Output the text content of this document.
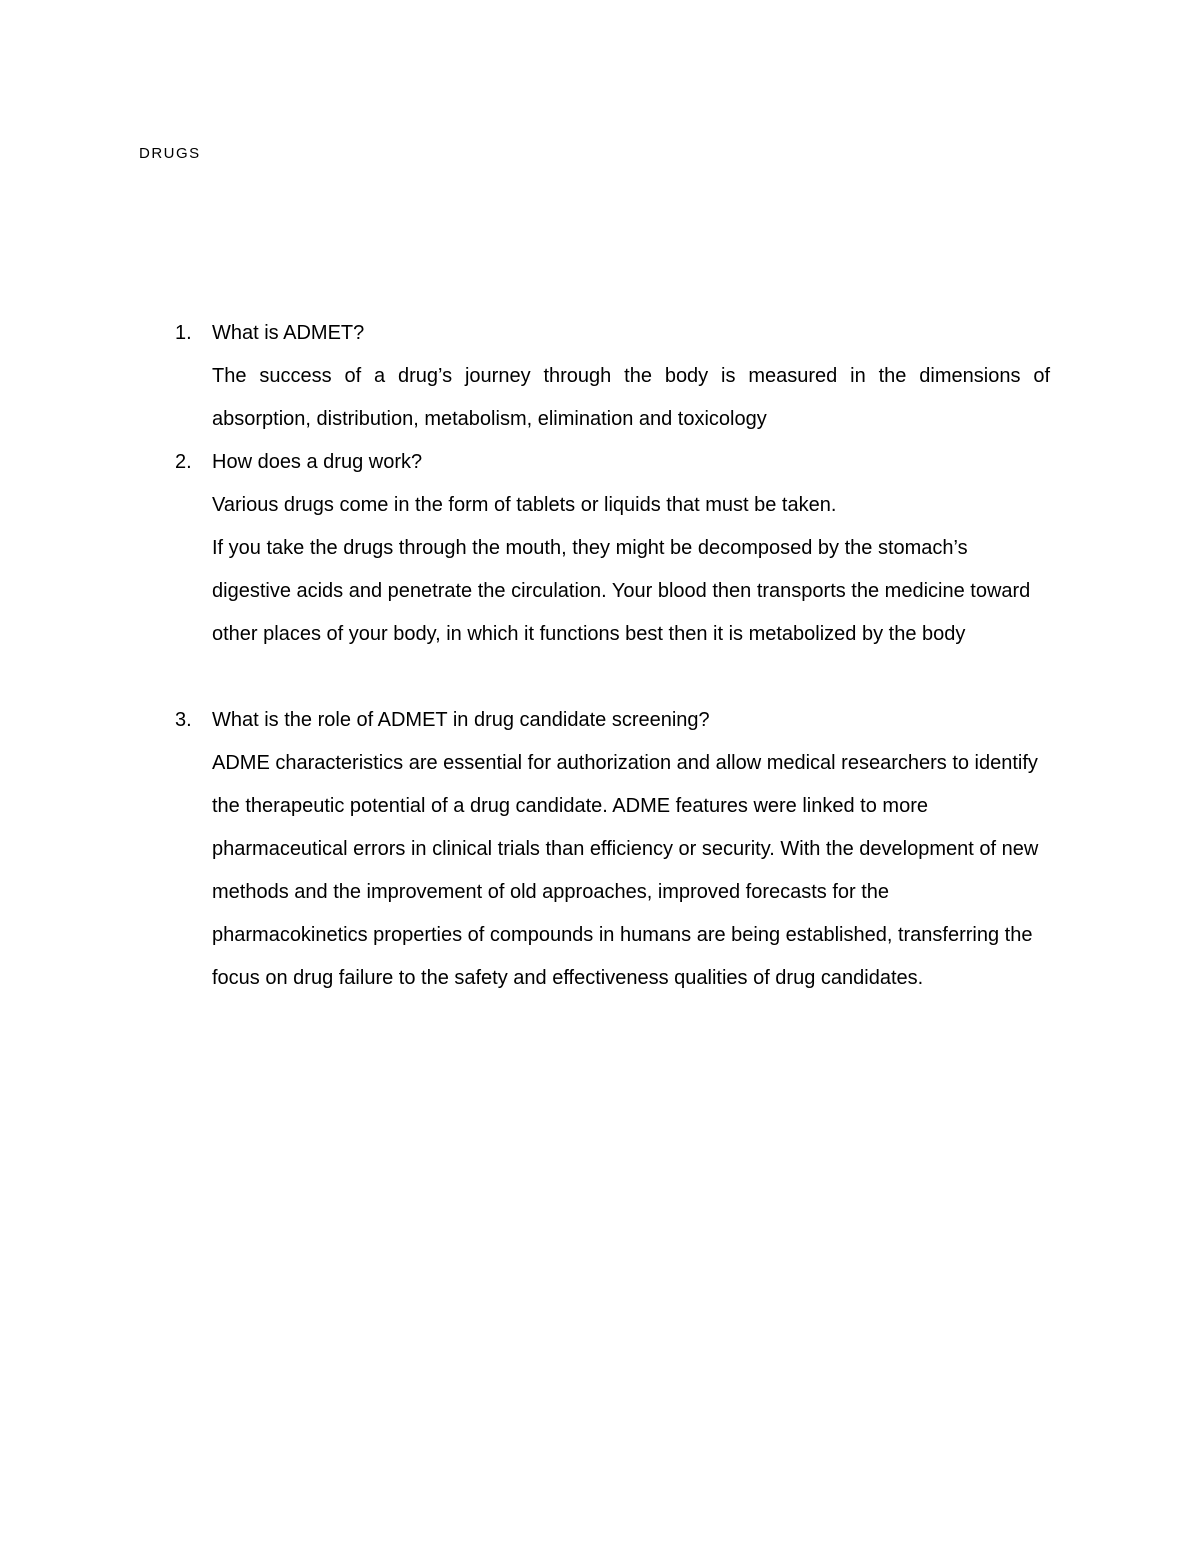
DRUGS
1. What is ADMET?

The success of a drug’s journey through the body is measured in the dimensions of absorption, distribution, metabolism, elimination and toxicology

2. How does a drug work?

Various drugs come in the form of tablets or liquids that must be taken.

If you take the drugs through the mouth, they might be decomposed by the stomach’s digestive acids and penetrate the circulation. Your blood then transports the medicine toward other places of your body, in which it functions best then it is metabolized by the body

3. What is the role of ADMET in drug candidate screening?

ADME characteristics are essential for authorization and allow medical researchers to identify the therapeutic potential of a drug candidate. ADME features were linked to more pharmaceutical errors in clinical trials than efficiency or security. With the development of new methods and the improvement of old approaches, improved forecasts for the pharmacokinetics properties of compounds in humans are being established, transferring the focus on drug failure to the safety and effectiveness qualities of drug candidates.
